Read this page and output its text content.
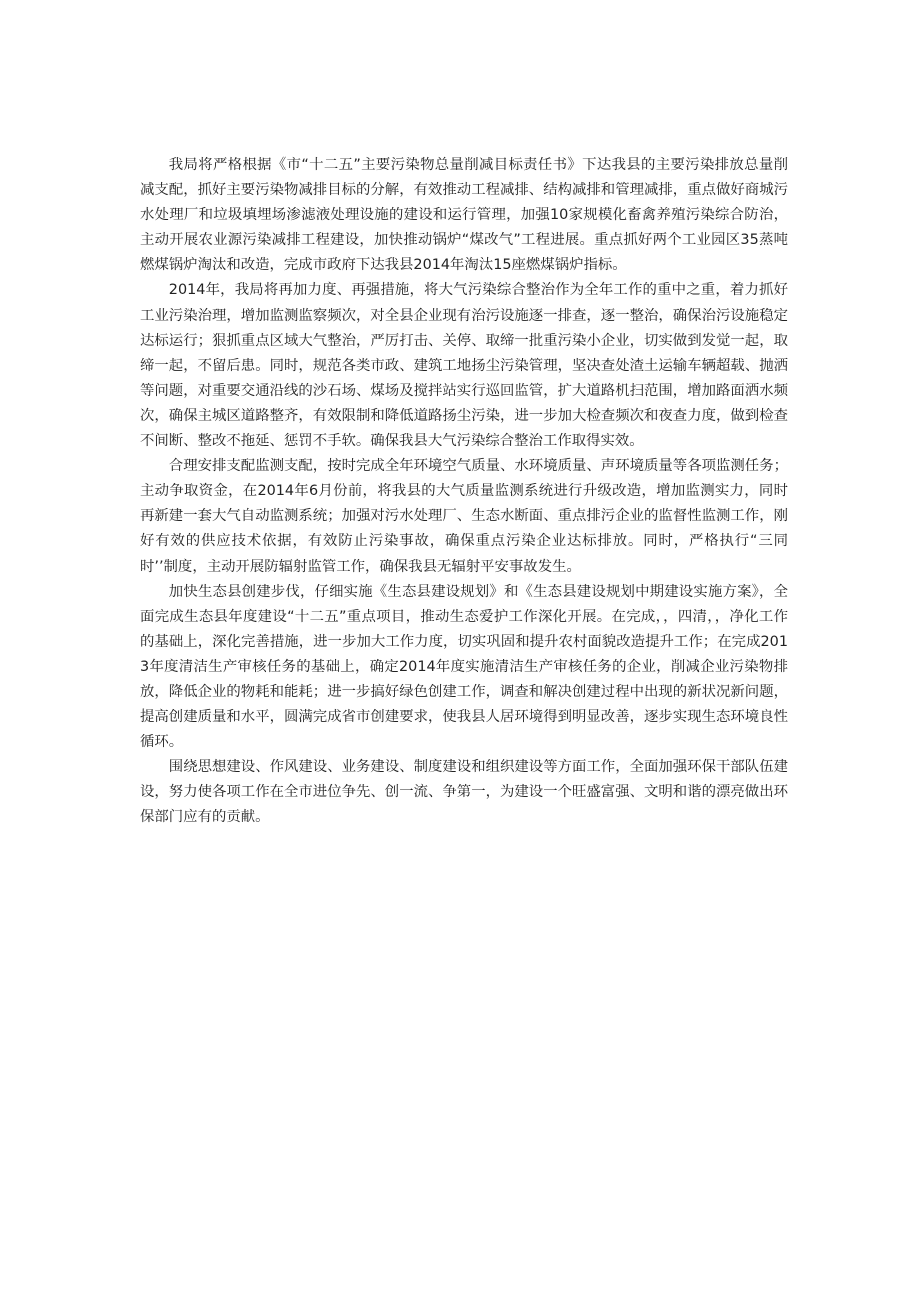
我局将严格根据《市“十二五”主要污染物总量削减目标责任书》下达我县的主要污染排放总量削减支配，抓好主要污染物减排目标的分解，有效推动工程减排、结构减排和管理减排，重点做好商城污水处理厂和垃圾填埋场渗滤液处理设施的建设和运行管理，加强10家规模化畜禽养殖污染综合防治，主动开展农业源污染减排工程建设，加快推动锅炉“煤改气”工程进展。重点抓好两个工业园区35蒸吨燃煤锅炉淘汰和改造，完成市政府下达我县2014年淘汰15座燃煤锅炉指标。

2014年，我局将再加力度、再强措施，将大气污染综合整治作为全年工作的重中之重，着力抓好工业污染治理，增加监测监察频次，对全县企业现有治污设施逐一排查，逐一整治，确保治污设施稳定达标运行；狠抓重点区域大气整治，严厉打击、关停、取缔一批重污染小企业，切实做到发觉一起，取缔一起，不留后患。同时，规范各类市政、建筑工地扬尘污染管理，坚决查处渣土运输车辆超载、抛洒等问题，对重要交通沿线的沙石场、煤场及搅拌站实行巡回监管，扩大道路机扫范围，增加路面洒水频次，确保主城区道路整齐，有效限制和降低道路扬尘污染，进一步加大检查频次和夜查力度，做到检查不间断、整改不拖延、惩罚不手软。确保我县大气污染综合整治工作取得实效。

合理安排支配监测支配，按时完成全年环境空气质量、水环境质量、声环境质量等各项监测任务；主动争取资金，在2014年6月份前，将我县的大气质量监测系统进行升级改造，增加监测实力，同时再新建一套大气自动监测系统；加强对污水处理厂、生态水断面、重点排污企业的监督性监测工作，刚好有效的供应技术依据，有效防止污染事故，确保重点污染企业达标排放。同时，严格执行“三同时’’制度，主动开展防辐射监管工作，确保我县无辐射平安事故发生。

加快生态县创建步伐，仔细实施《生态县建设规划》和《生态县建设规划中期建设实施方案》，全面完成生态县年度建设“十二五”重点项目，推动生态爱护工作深化开展。在完成，，四清，，净化工作的基础上，深化完善措施，进一步加大工作力度，切实巩固和提升农村面貌改造提升工作；在完成2013年度清洁生产审核任务的基础上，确定2014年度实施清洁生产审核任务的企业，削减企业污染物排放，降低企业的物耗和能耗；进一步搞好绿色创建工作，调查和解决创建过程中出现的新状况新问题，提高创建质量和水平，圆满完成省市创建要求，使我县人居环境得到明显改善，逐步实现生态环境良性循环。

围绕思想建设、作风建设、业务建设、制度建设和组织建设等方面工作，全面加强环保干部队伍建设，努力使各项工作在全市进位争先、创一流、争第一，为建设一个旺盛富强、文明和谐的漂亮做出环保部门应有的贡献。
